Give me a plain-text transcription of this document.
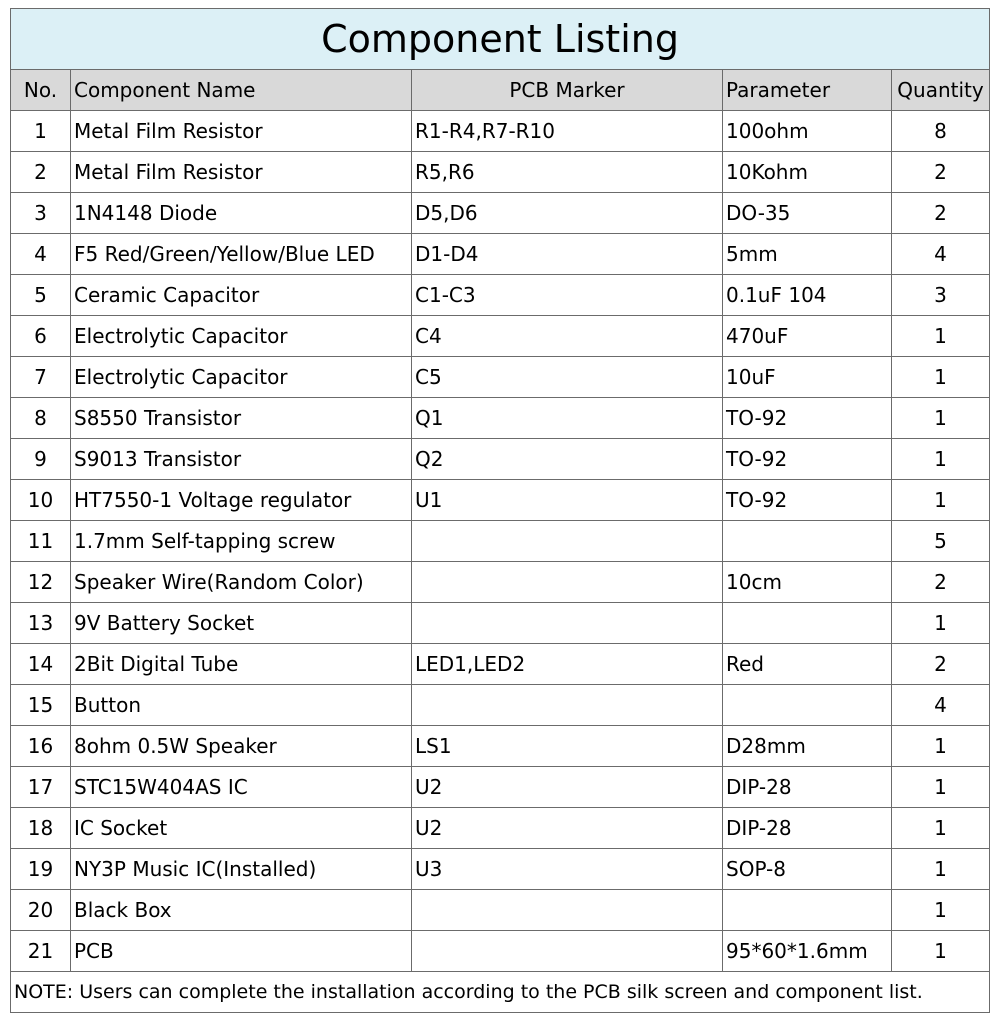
Component Listing				
No.	Component Name	PCB Marker	Parameter	Quantity
1	Metal Film Resistor	R1-R4,R7-R10	100ohm	8
2	Metal Film Resistor	R5,R6	10Kohm	2
3	1N4148 Diode	D5,D6	DO-35	2
4	F5 Red/Green/Yellow/Blue LED	D1-D4	5mm	4
5	Ceramic Capacitor	C1-C3	0.1uF 104	3
6	Electrolytic Capacitor	C4	470uF	1
7	Electrolytic Capacitor	C5	10uF	1
8	S8550 Transistor	Q1	TO-92	1
9	S9013 Transistor	Q2	TO-92	1
10	HT7550-1 Voltage regulator	U1	TO-92	1
11	1.7mm Self-tapping screw			5
12	Speaker Wire(Random Color)		10cm	2
13	9V Battery Socket			1
14	2Bit Digital Tube	LED1,LED2	Red	2
15	Button			4
16	8ohm 0.5W Speaker	LS1	D28mm	1
17	STC15W404AS IC	U2	DIP-28	1
18	IC Socket	U2	DIP-28	1
19	NY3P Music IC(Installed)	U3	SOP-8	1
20	Black Box			1
21	PCB		95*60*1.6mm	1
NOTE: Users can complete the installation according to the PCB silk screen and component list.				
